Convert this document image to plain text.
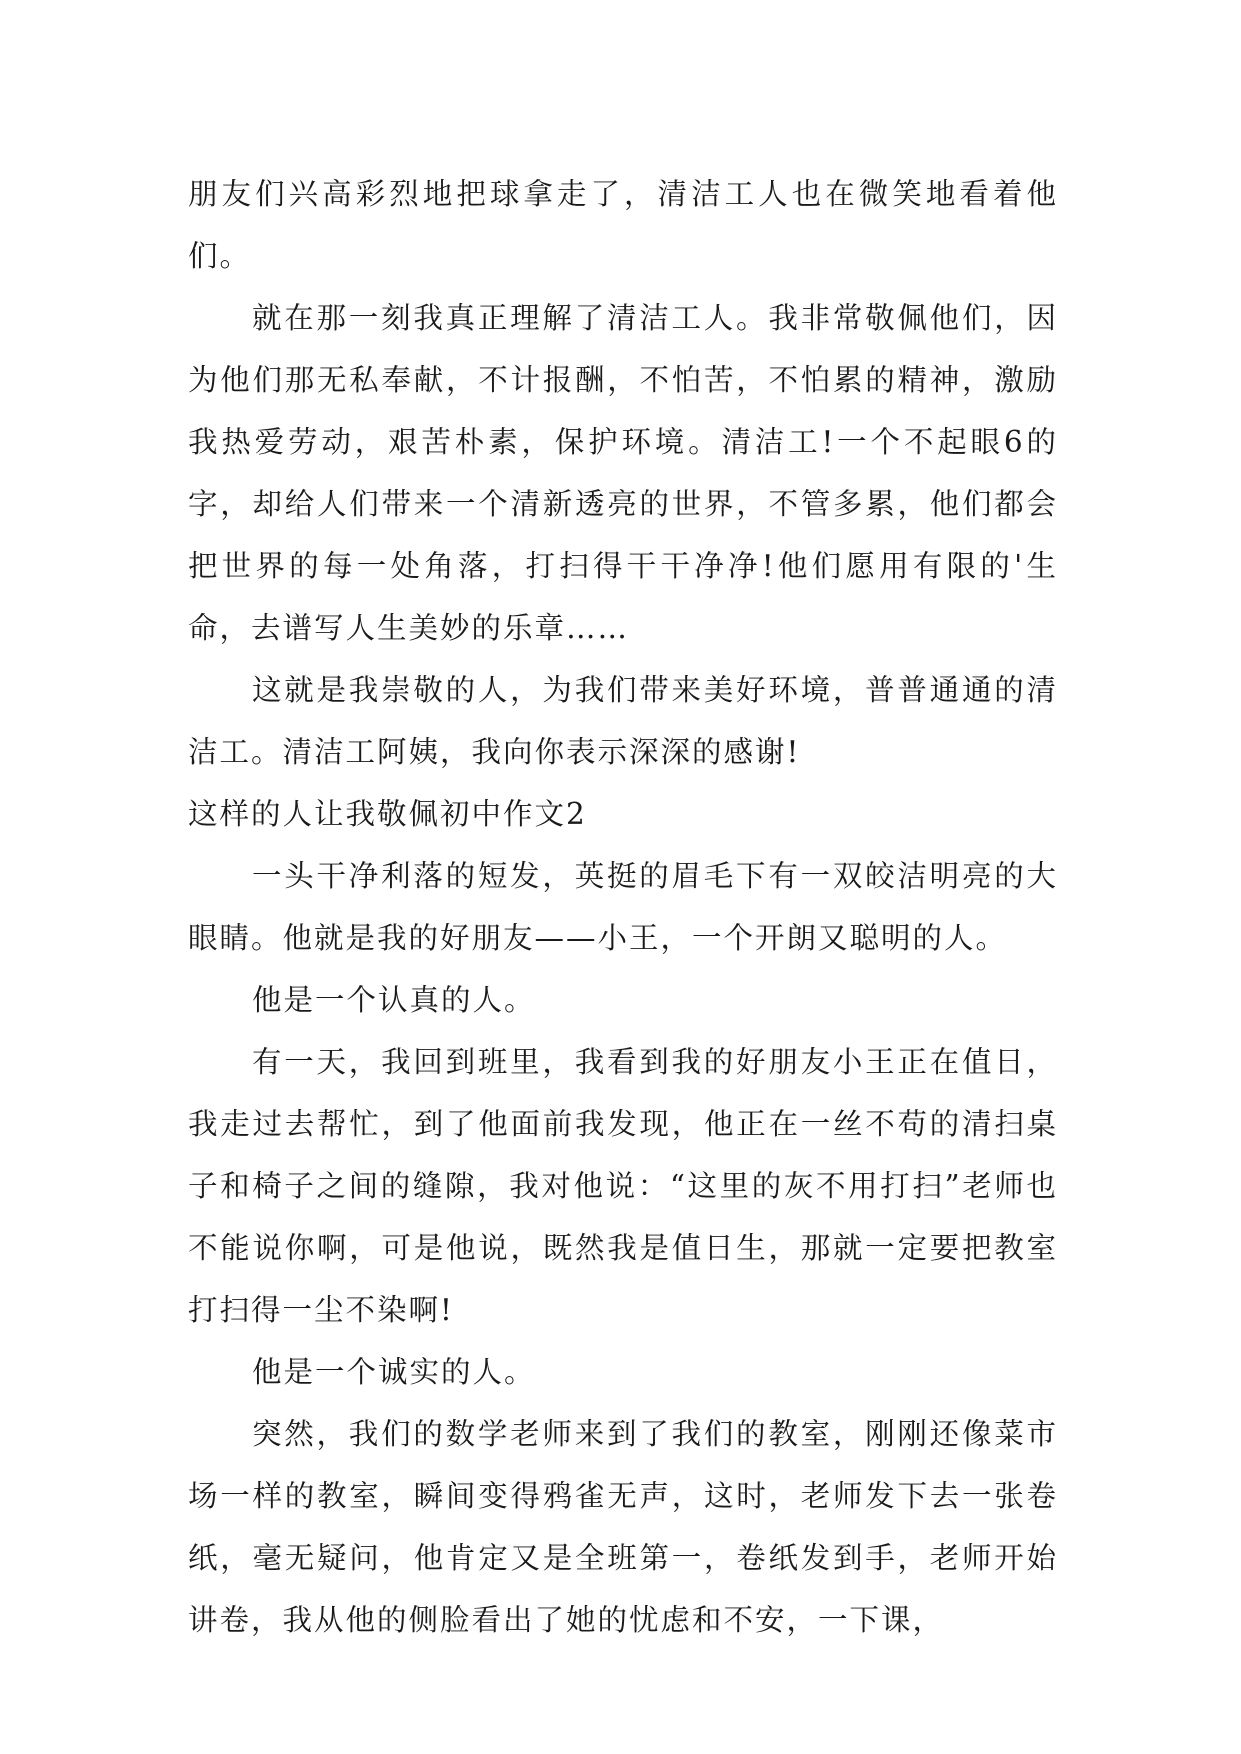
朋友们兴高彩烈地把球拿走了，清洁工人也在微笑地看着他们。

就在那一刻我真正理解了清洁工人。我非常敬佩他们，因为他们那无私奉献，不计报酬，不怕苦，不怕累的精神，激励我热爱劳动，艰苦朴素，保护环境。清洁工!一个不起眼6的字，却给人们带来一个清新透亮的世界，不管多累，他们都会把世界的每一处角落，打扫得干干净净!他们愿用有限的'生命，去谱写人生美妙的乐章……

这就是我崇敬的人，为我们带来美好环境，普普通通的清洁工。清洁工阿姨，我向你表示深深的感谢!

这样的人让我敬佩初中作文2

一头干净利落的短发，英挺的眉毛下有一双皎洁明亮的大眼睛。他就是我的好朋友——小王，一个开朗又聪明的人。

他是一个认真的人。

有一天，我回到班里，我看到我的好朋友小王正在值日，我走过去帮忙，到了他面前我发现，他正在一丝不苟的清扫桌子和椅子之间的缝隙，我对他说：“这里的灰不用打扫”老师也不能说你啊，可是他说，既然我是值日生，那就一定要把教室打扫得一尘不染啊!

他是一个诚实的人。

突然，我们的数学老师来到了我们的教室，刚刚还像菜市场一样的教室，瞬间变得鸦雀无声，这时，老师发下去一张卷纸，毫无疑问，他肯定又是全班第一，卷纸发到手，老师开始讲卷，我从他的侧脸看出了她的忧虑和不安，一下课，
